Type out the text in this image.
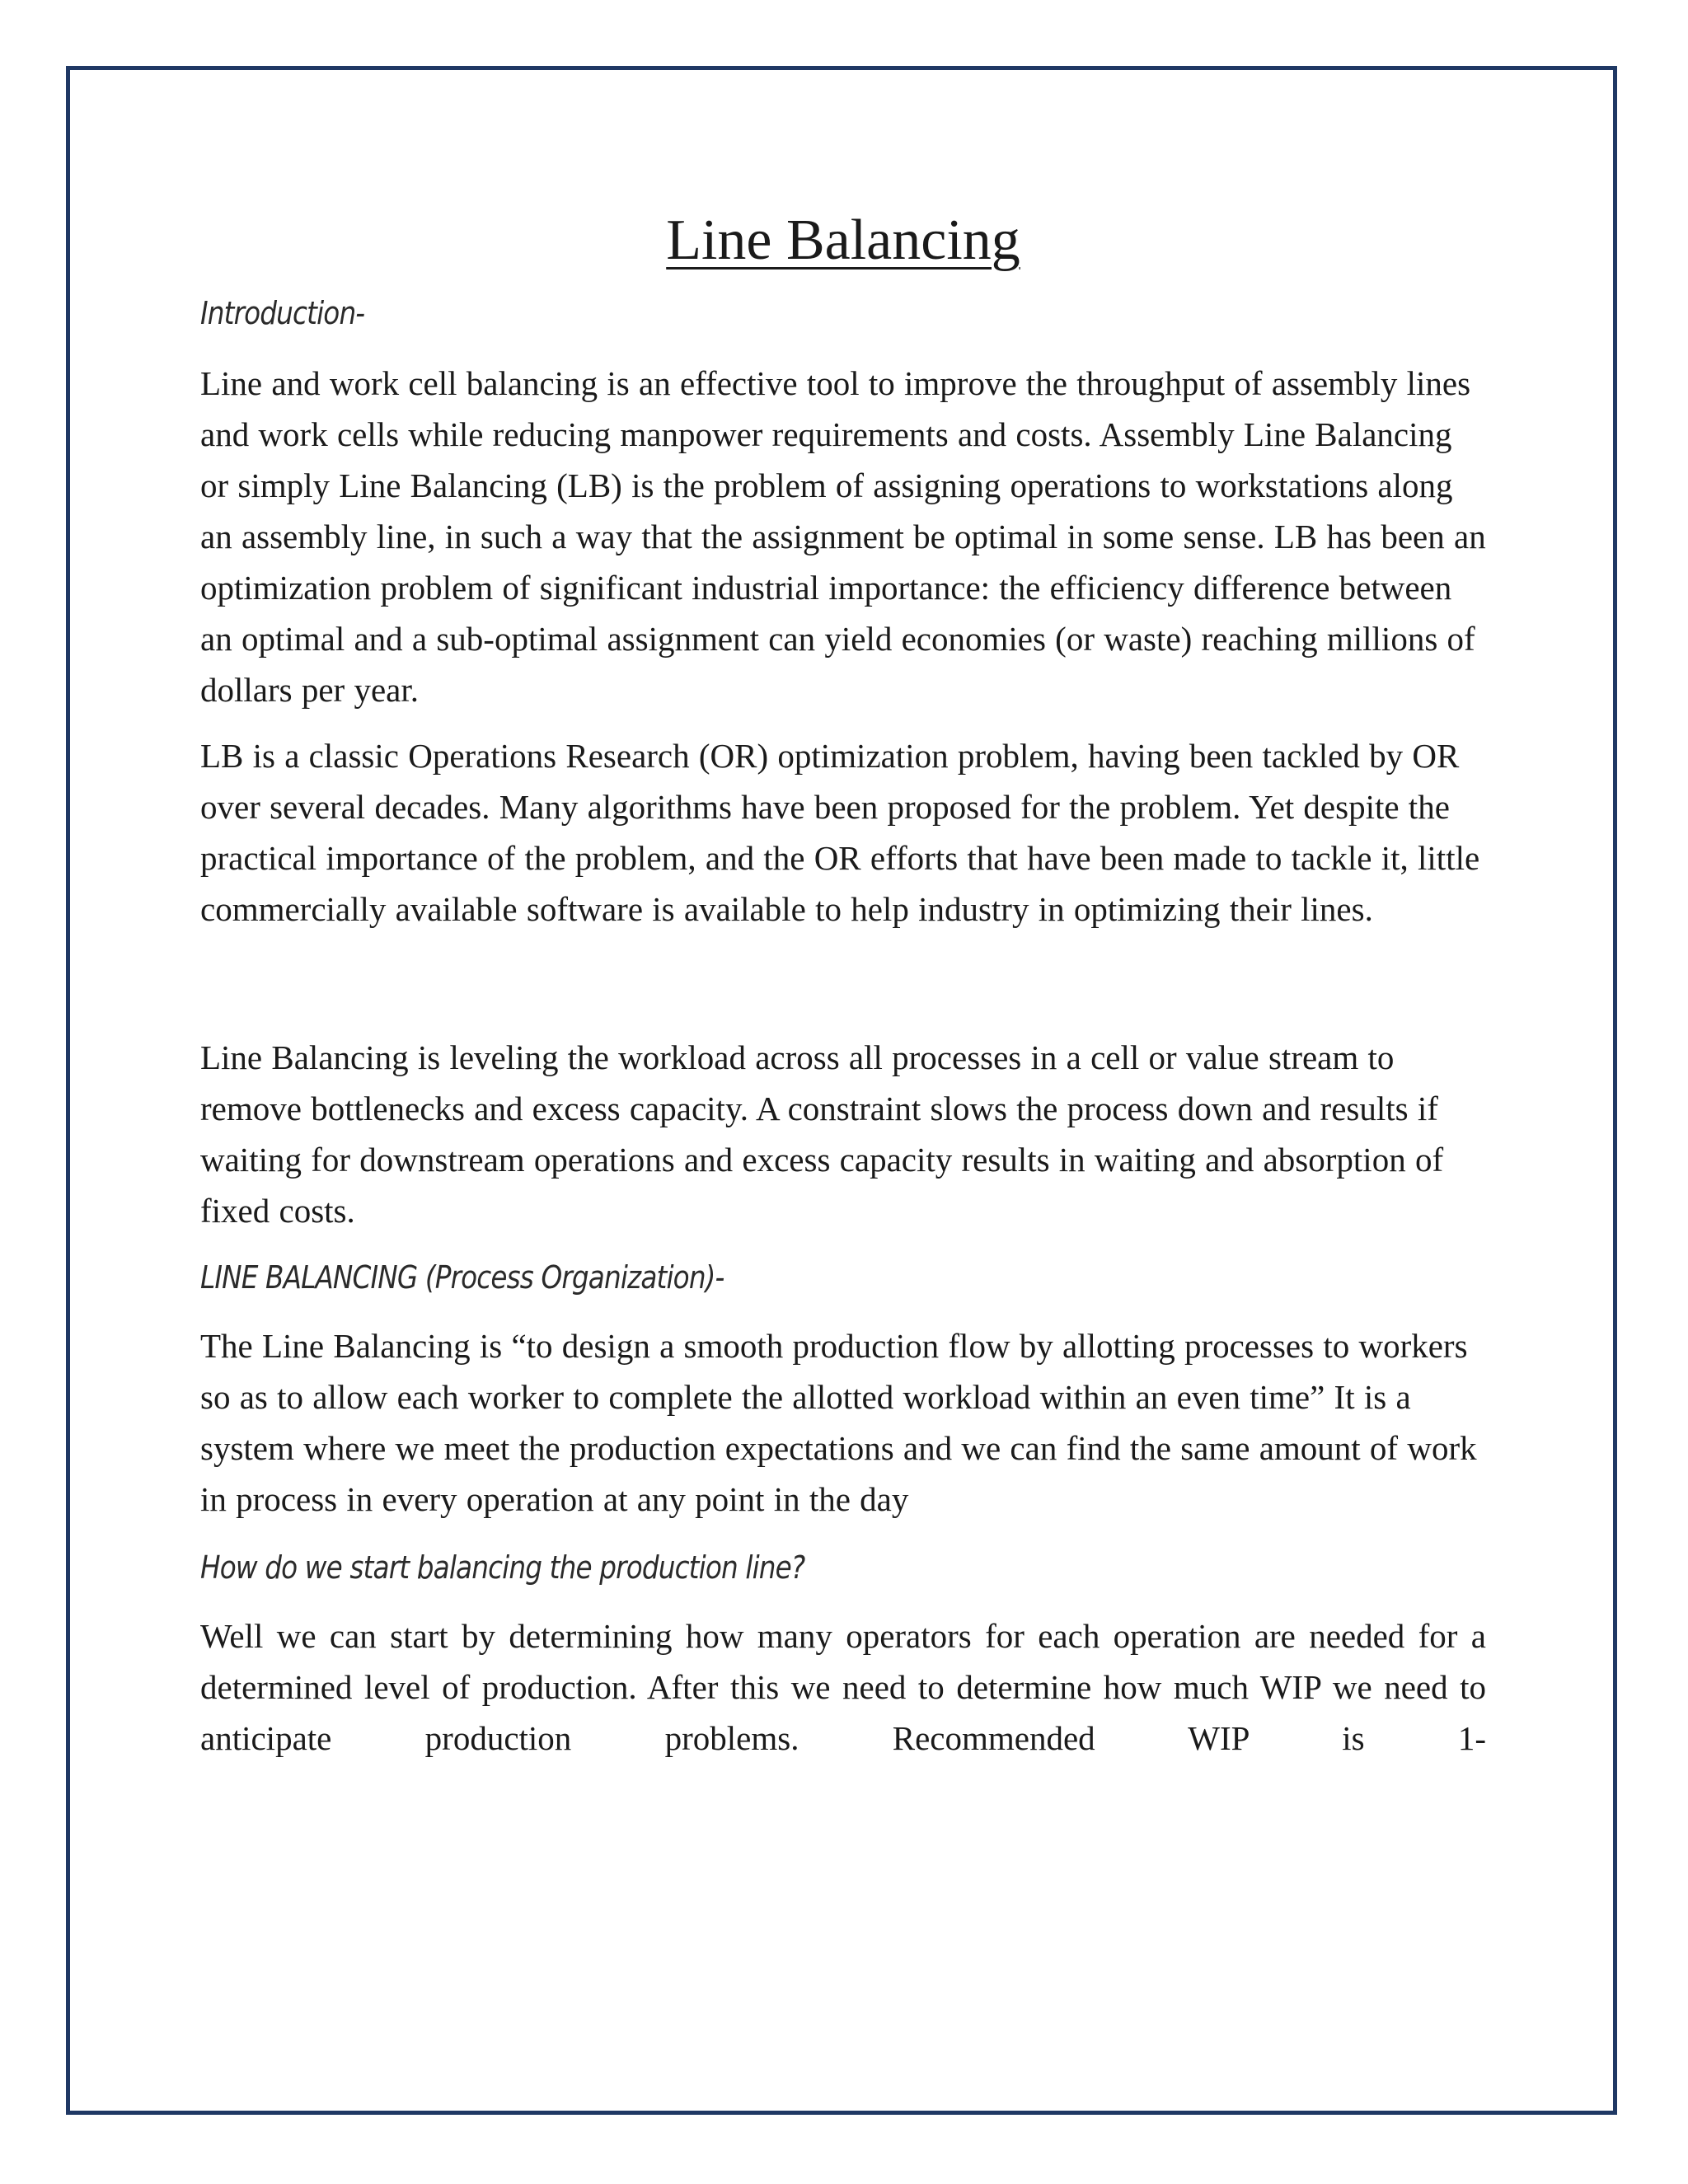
Line Balancing
Introduction-

Line and work cell balancing is an effective tool to improve the throughput of assembly lines and work cells while reducing manpower requirements and costs. Assembly Line Balancing or simply Line Balancing (LB) is the problem of assigning operations to workstations along an assembly line, in such a way that the assignment be optimal in some sense. LB has been an optimization problem of significant industrial importance: the efficiency difference between an optimal and a sub-optimal assignment can yield economies (or waste) reaching millions of dollars per year.

LB is a classic Operations Research (OR) optimization problem, having been tackled by OR over several decades. Many algorithms have been proposed for the problem. Yet despite the practical importance of the problem, and the OR efforts that have been made to tackle it, little commercially available software is available to help industry in optimizing their lines.

Line Balancing is leveling the workload across all processes in a cell or value stream to remove bottlenecks and excess capacity. A constraint slows the process down and results if waiting for downstream operations and excess capacity results in waiting and absorption of fixed costs.

LINE BALANCING (Process Organization)-

The Line Balancing is “to design a smooth production flow by allotting processes to workers so as to allow each worker to complete the allotted workload within an even time” It is a system where we meet the production expectations and we can find the same amount of work in process in every operation at any point in the day

How do we start balancing the production line?

Well we can start by determining how many operators for each operation are needed for a determined level of production. After this we need to determine how much WIP we need to anticipate production problems. Recommended WIP is 1-
